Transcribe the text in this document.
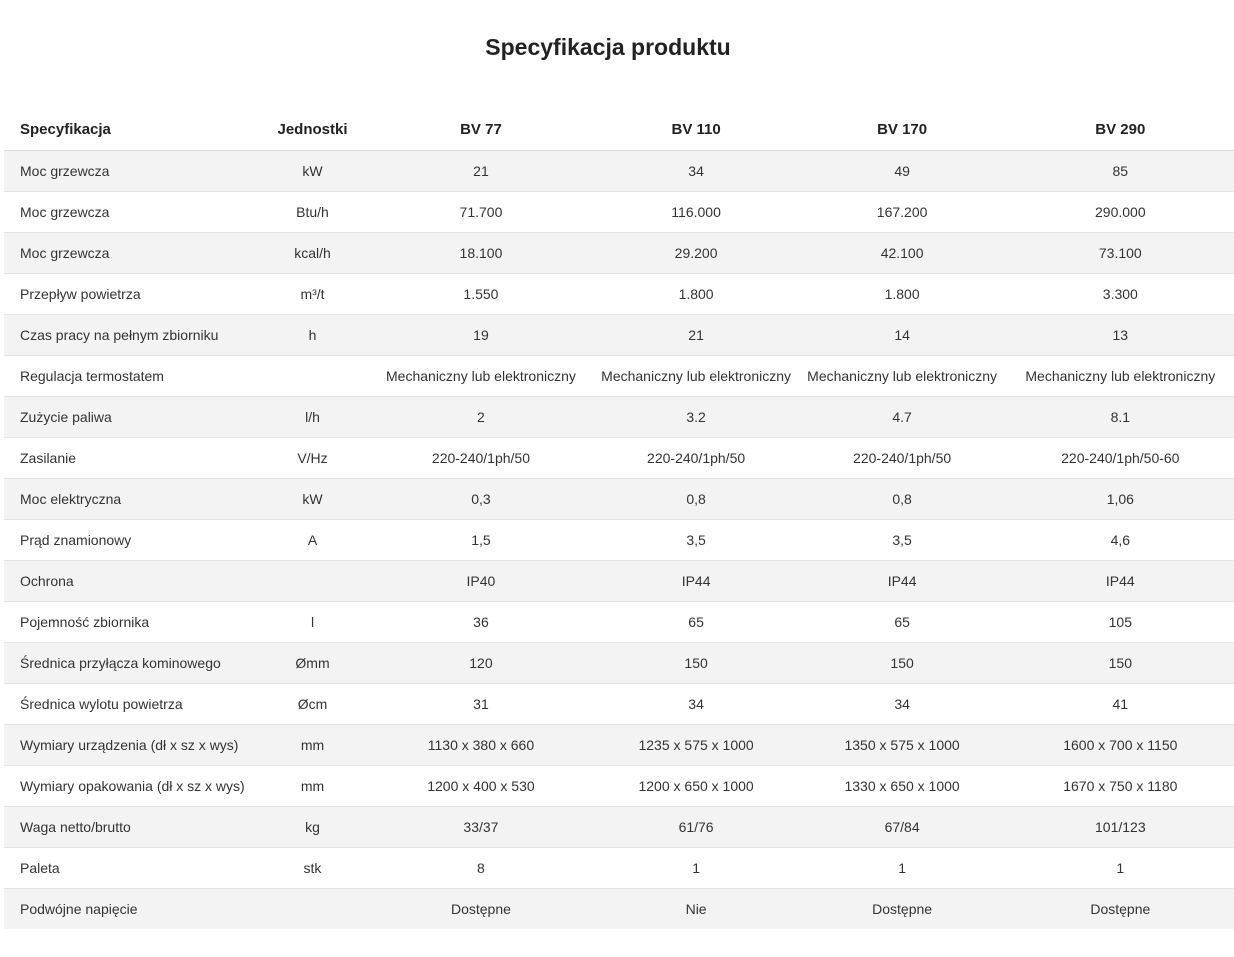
Specyfikacja produktu
Specyfikacja	Jednostki	BV 77	BV 110	BV 170	BV 290
Moc grzewcza	kW	21	34	49	85
Moc grzewcza	Btu/h	71.700	116.000	167.200	290.000
Moc grzewcza	kcal/h	18.100	29.200	42.100	73.100
Przepływ powietrza	m³/t	1.550	1.800	1.800	3.300
Czas pracy na pełnym zbiorniku	h	19	21	14	13
Regulacja termostatem		Mechaniczny lub elektroniczny	Mechaniczny lub elektroniczny	Mechaniczny lub elektroniczny	Mechaniczny lub elektroniczny
Zużycie paliwa	l/h	2	3.2	4.7	8.1
Zasilanie	V/Hz	220-240/1ph/50	220-240/1ph/50	220-240/1ph/50	220-240/1ph/50-60
Moc elektryczna	kW	0,3	0,8	0,8	1,06
Prąd znamionowy	A	1,5	3,5	3,5	4,6
Ochrona		IP40	IP44	IP44	IP44
Pojemność zbiornika	l	36	65	65	105
Średnica przyłącza kominowego	Ømm	120	150	150	150
Średnica wylotu powietrza	Øcm	31	34	34	41
Wymiary urządzenia (dł x sz x wys)	mm	1130 x 380 x 660	1235 x 575 x 1000	1350 x 575 x 1000	1600 x 700 x 1150
Wymiary opakowania (dł x sz x wys)	mm	1200 x 400 x 530	1200 x 650 x 1000	1330 x 650 x 1000	1670 x 750 x 1180
Waga netto/brutto	kg	33/37	61/76	67/84	101/123
Paleta	stk	8	1	1	1
Podwójne napięcie		Dostępne	Nie	Dostępne	Dostępne
